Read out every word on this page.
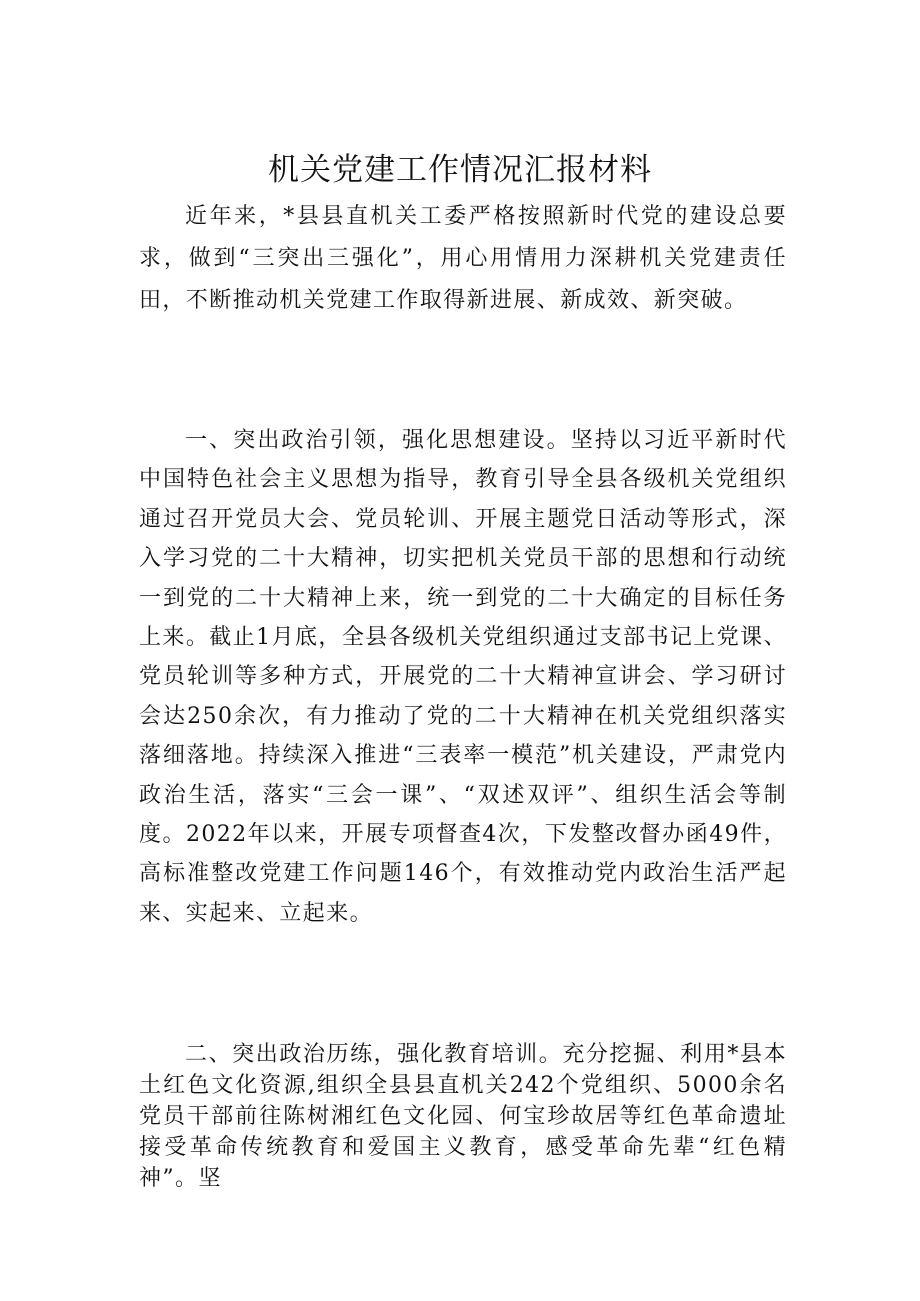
机关党建工作情况汇报材料

近年来，*县县直机关工委严格按照新时代党的建设总要求，做到“三突出三强化”，用心用情用力深耕机关党建责任田，不断推动机关党建工作取得新进展、新成效、新突破。

一、突出政治引领，强化思想建设。坚持以习近平新时代中国特色社会主义思想为指导，教育引导全县各级机关党组织通过召开党员大会、党员轮训、开展主题党日活动等形式，深入学习党的二十大精神，切实把机关党员干部的思想和行动统一到党的二十大精神上来，统一到党的二十大确定的目标任务上来。截止1月底，全县各级机关党组织通过支部书记上党课、党员轮训等多种方式，开展党的二十大精神宣讲会、学习研讨会达250余次，有力推动了党的二十大精神在机关党组织落实落细落地。持续深入推进“三表率一模范”机关建设，严肃党内政治生活，落实“三会一课”、“双述双评”、组织生活会等制度。2022年以来，开展专项督查4次，下发整改督办函49件，高标准整改党建工作问题146个，有效推动党内政治生活严起来、实起来、立起来。

二、突出政治历练，强化教育培训。充分挖掘、利用*县本土红色文化资源,组织全县县直机关242个党组织、5000余名党员干部前往陈树湘红色文化园、何宝珍故居等红色革命遗址接受革命传统教育和爱国主义教育，感受革命先辈“红色精神”。坚
